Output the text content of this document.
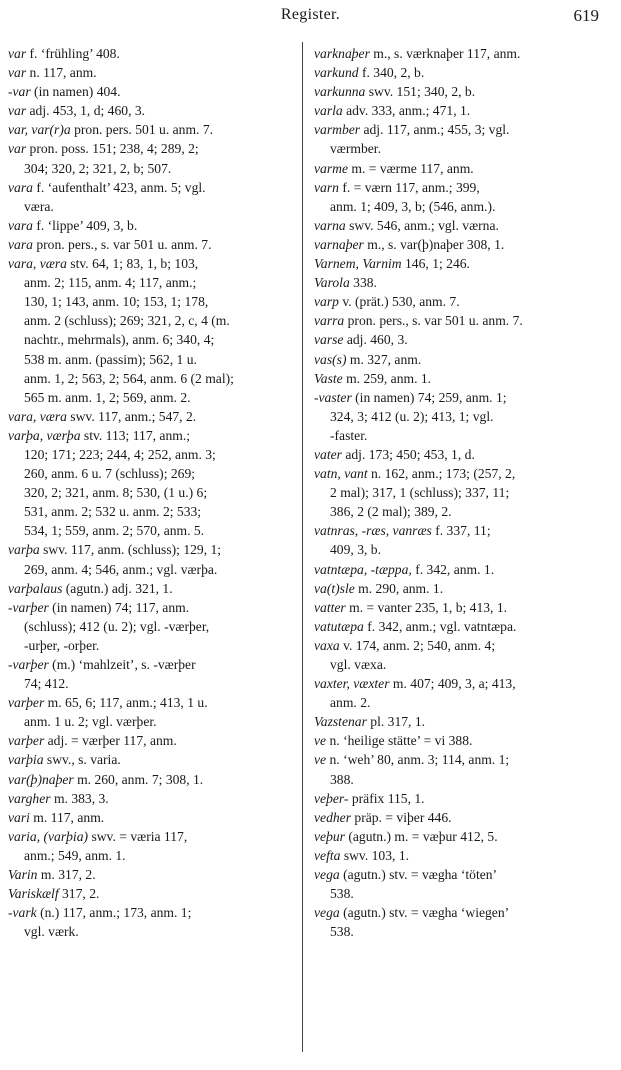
Register.	619
var f. ‘frühling’ 408.
var n. 117, anm.
-var (in namen) 404.
var adj. 453, 1, d; 460, 3.
var, var(r)a pron. pers. 501 u. anm. 7.
var pron. poss. 151; 238, 4; 289, 2;
304; 320, 2; 321, 2, b; 507.
vara f. ‘aufenthalt’ 423, anm. 5; vgl.
væra.
vara f. ‘lippe’ 409, 3, b.
vara pron. pers., s. var 501 u. anm. 7.
vara, væra stv. 64, 1; 83, 1, b; 103,
anm. 2; 115, anm. 4; 117, anm.;
130, 1; 143, anm. 10; 153, 1; 178,
anm. 2 (schluss); 269; 321, 2, c, 4 (m.
nachtr., mehrmals), anm. 6; 340, 4;
538 m. anm. (passim); 562, 1 u.
anm. 1, 2; 563, 2; 564, anm. 6 (2 mal);
565 m. anm. 1, 2; 569, anm. 2.
vara, væra swv. 117, anm.; 547, 2.
varþa, værþa stv. 113; 117, anm.;
120; 171; 223; 244, 4; 252, anm. 3;
260, anm. 6 u. 7 (schluss); 269;
320, 2; 321, anm. 8; 530, (1 u.) 6;
531, anm. 2; 532 u. anm. 2; 533;
534, 1; 559, anm. 2; 570, anm. 5.
varþa swv. 117, anm. (schluss); 129, 1;
269, anm. 4; 546, anm.; vgl. værþa.
varþalaus (agutn.) adj. 321, 1.
-varþer (in namen) 74; 117, anm.
(schluss); 412 (u. 2); vgl. -værþer,
-urþer, -orþer.
-varþer (m.) ‘mahlzeit’, s. -værþer
74; 412.
varþer m. 65, 6; 117, anm.; 413, 1 u.
anm. 1 u. 2; vgl. værþer.
varþer adj. = værþer 117, anm.
varþia swv., s. varia.
var(þ)naþer m. 260, anm. 7; 308, 1.
vargher m. 383, 3.
vari m. 117, anm.
varia, (varþia) swv. = væria 117,
anm.; 549, anm. 1.
Varin m. 317, 2.
Variskælf 317, 2.
-vark (n.) 117, anm.; 173, anm. 1;
vgl. værk.
varknaþer m., s. værknaþer 117, anm.
varkund f. 340, 2, b.
varkunna swv. 151; 340, 2, b.
varla adv. 333, anm.; 471, 1.
varmber adj. 117, anm.; 455, 3; vgl.
værmber.
varme m. = værme 117, anm.
varn f. = værn 117, anm.; 399,
anm. 1; 409, 3, b; (546, anm.).
varna swv. 546, anm.; vgl. værna.
varnaþer m., s. var(þ)naþer 308, 1.
Varnem, Varnim 146, 1; 246.
Varola 338.
varp v. (prät.) 530, anm. 7.
varra pron. pers., s. var 501 u. anm. 7.
varse adj. 460, 3.
vas(s) m. 327, anm.
Vaste m. 259, anm. 1.
-vaster (in namen) 74; 259, anm. 1;
324, 3; 412 (u. 2); 413, 1; vgl.
-faster.
vater adj. 173; 450; 453, 1, d.
vatn, vant n. 162, anm.; 173; (257, 2,
2 mal); 317, 1 (schluss); 337, 11;
386, 2 (2 mal); 389, 2.
vatnras, -ræs, vanræs f. 337, 11;
409, 3, b.
vatntæpa, -tæppa, f. 342, anm. 1.
va(t)sle m. 290, anm. 1.
vatter m. = vanter 235, 1, b; 413, 1.
vatutæpa f. 342, anm.; vgl. vatntæpa.
vaxa v. 174, anm. 2; 540, anm. 4;
vgl. væxa.
vaxter, væxter m. 407; 409, 3, a; 413,
anm. 2.
Vazstenar pl. 317, 1.
ve n. ‘heilige stätte’ = vi 388.
ve n. ‘weh’ 80, anm. 3; 114, anm. 1;
388.
veþer- präfix 115, 1.
vedher präp. = viþer 446.
veþur (agutn.) m. = væþur 412, 5.
vefta swv. 103, 1.
vega (agutn.) stv. = vægha ‘töten’
538.
vega (agutn.) stv. = vægha ‘wiegen’
538.
